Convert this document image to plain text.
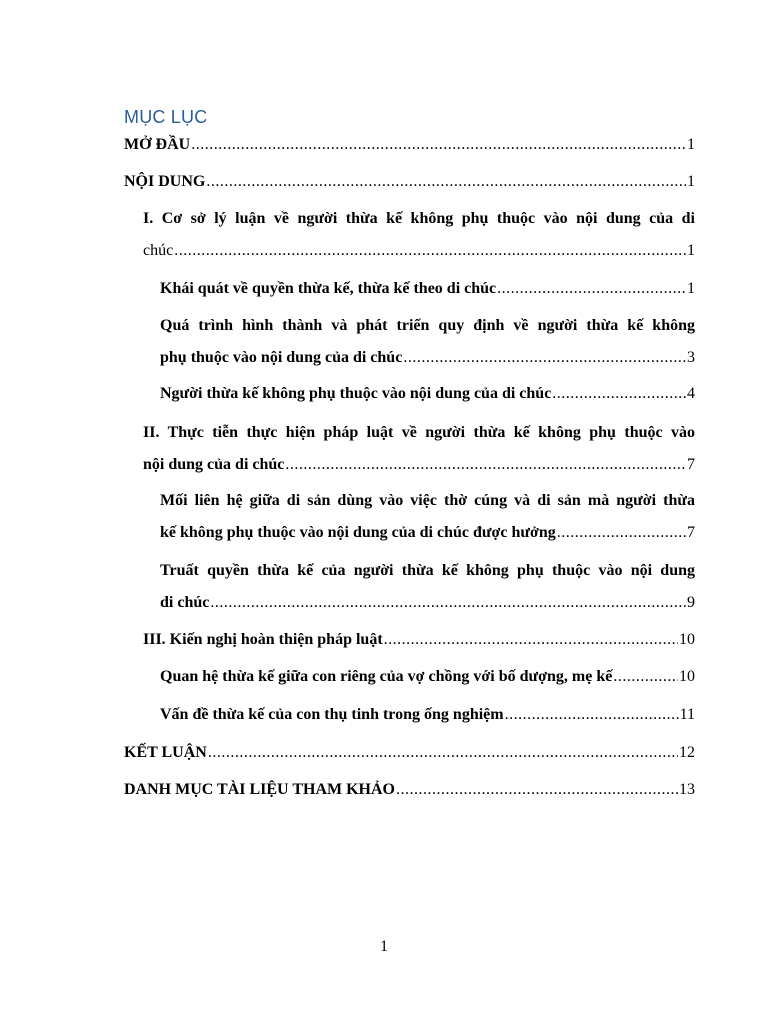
MỤC LỤC
MỞ ĐẦU .....	1
NỘI DUNG .....	1
I. Cơ sở lý luận về người thừa kế không phụ thuộc vào nội dung của di
chúc .....	1
Khái quát về quyền thừa kế, thừa kế theo di chúc .....	1
Quá trình hình thành và phát triển quy định về người thừa kế không
phụ thuộc vào nội dung của di chúc .....	3
Người thừa kế không phụ thuộc vào nội dung của di chúc .....	4
II. Thực tiễn thực hiện pháp luật về người thừa kế không phụ thuộc vào
nội dung của di chúc .....	7
Mối liên hệ giữa di sản dùng vào việc thờ cúng và di sản mà người thừa
kế không phụ thuộc vào nội dung của di chúc được hưởng .....	7
Truất quyền thừa kế của người thừa kế không phụ thuộc vào nội dung
di chúc .....	9
III. Kiến nghị hoàn thiện pháp luật .....	10
Quan hệ thừa kế giữa con riêng của vợ chồng với bố dượng, mẹ kế .....	10
Vấn đề thừa kế của con thụ tinh trong ống nghiệm .....	11
KẾT LUẬN .....	12
DANH MỤC TÀI LIỆU THAM KHẢO .....	13
1
